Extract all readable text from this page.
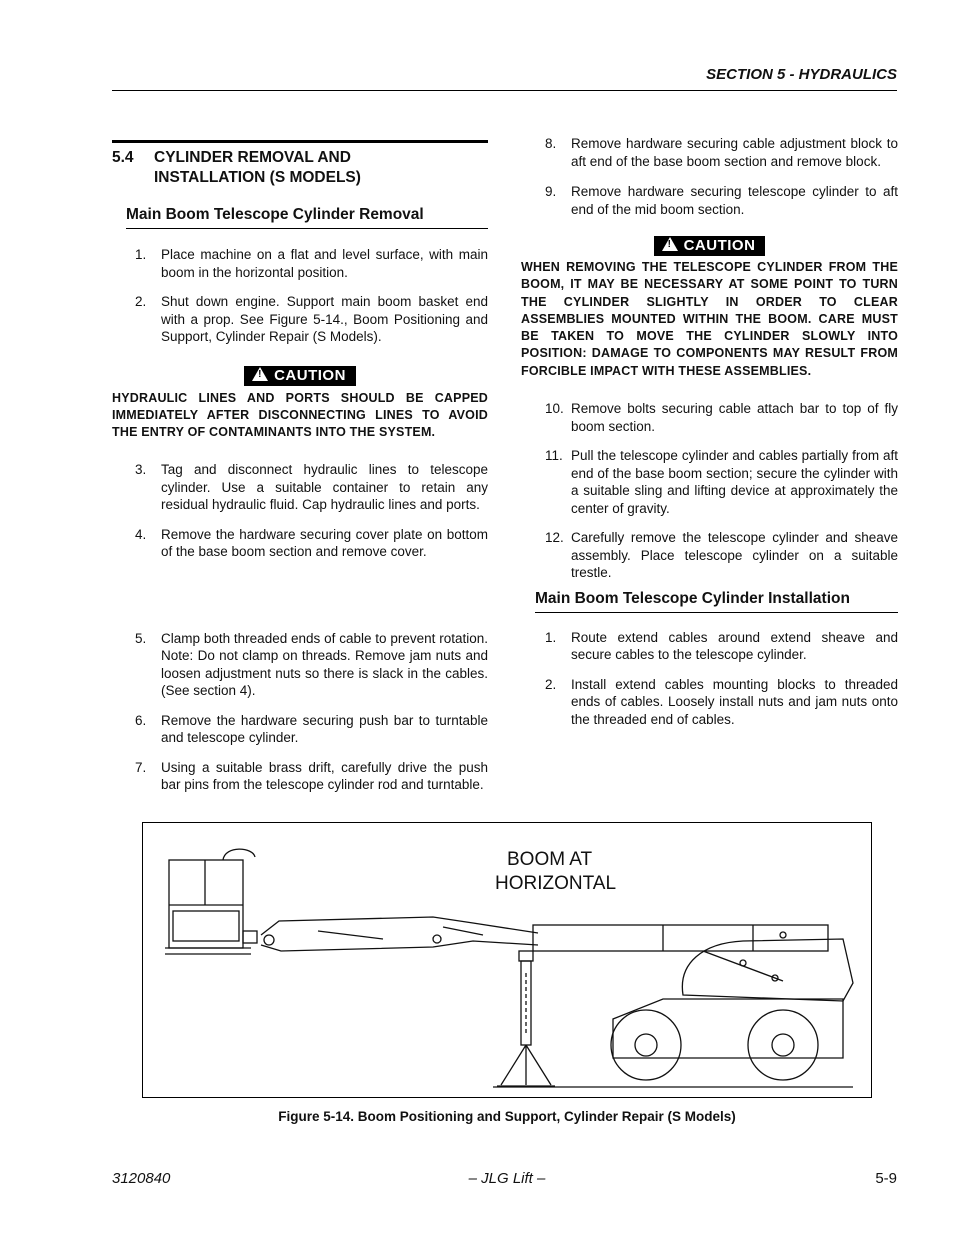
SECTION 5 - HYDRAULICS
5.4	CYLINDER REMOVAL AND
INSTALLATION (S MODELS)
Main Boom Telescope Cylinder Removal
1.	Place machine on a flat and level surface, with main boom in the horizontal position.
2.	Shut down engine. Support main boom basket end with a prop. See Figure 5-14., Boom Positioning and Support, Cylinder Repair (S Models).
!CAUTION
HYDRAULIC LINES AND PORTS SHOULD BE CAPPED IMMEDIATELY AFTER DISCONNECTING LINES TO AVOID THE ENTRY OF CONTAMINANTS INTO THE SYSTEM.
3.	Tag and disconnect hydraulic lines to telescope cylinder. Use a suitable container to retain any residual hydraulic fluid. Cap hydraulic lines and ports.
4.	Remove the hardware securing cover plate on bottom of the base boom section and remove cover.
5.	Clamp both threaded ends of cable to prevent rotation. Note: Do not clamp on threads. Remove jam nuts and loosen adjustment nuts so there is slack in the cables. (See section 4).
6.	Remove the hardware securing push bar to turntable and telescope cylinder.
7.	Using a suitable brass drift, carefully drive the push bar pins from the telescope cylinder rod and turntable.
8.	Remove hardware securing cable adjustment block to aft end of the base boom section and remove block.
9.	Remove hardware securing telescope cylinder to aft end of the mid boom section.
!CAUTION
WHEN REMOVING THE TELESCOPE CYLINDER FROM THE BOOM, IT MAY BE NECESSARY AT SOME POINT TO TURN THE CYLINDER SLIGHTLY IN ORDER TO CLEAR ASSEMBLIES MOUNTED WITHIN THE BOOM. CARE MUST BE TAKEN TO MOVE THE CYLINDER SLOWLY INTO POSITION: DAMAGE TO COMPONENTS MAY RESULT FROM FORCIBLE IMPACT WITH THESE ASSEMBLIES.
10. Remove bolts securing cable attach bar to top of fly boom section.
11. Pull the telescope cylinder and cables partially from aft end of the base boom section; secure the cylinder with a suitable sling and lifting device at approximately the center of gravity.
12. Carefully remove the telescope cylinder and sheave assembly. Place telescope cylinder on a suitable trestle.
Main Boom Telescope Cylinder Installation
1.	Route extend cables around extend sheave and secure cables to the telescope cylinder.
2.	Install extend cables mounting blocks to threaded ends of cables. Loosely install nuts and jam nuts onto the threaded end of cables.
BOOM AT
HORIZONTAL
Figure 5-14. Boom Positioning and Support, Cylinder Repair (S Models)
3120840	– JLG Lift –	5-9
